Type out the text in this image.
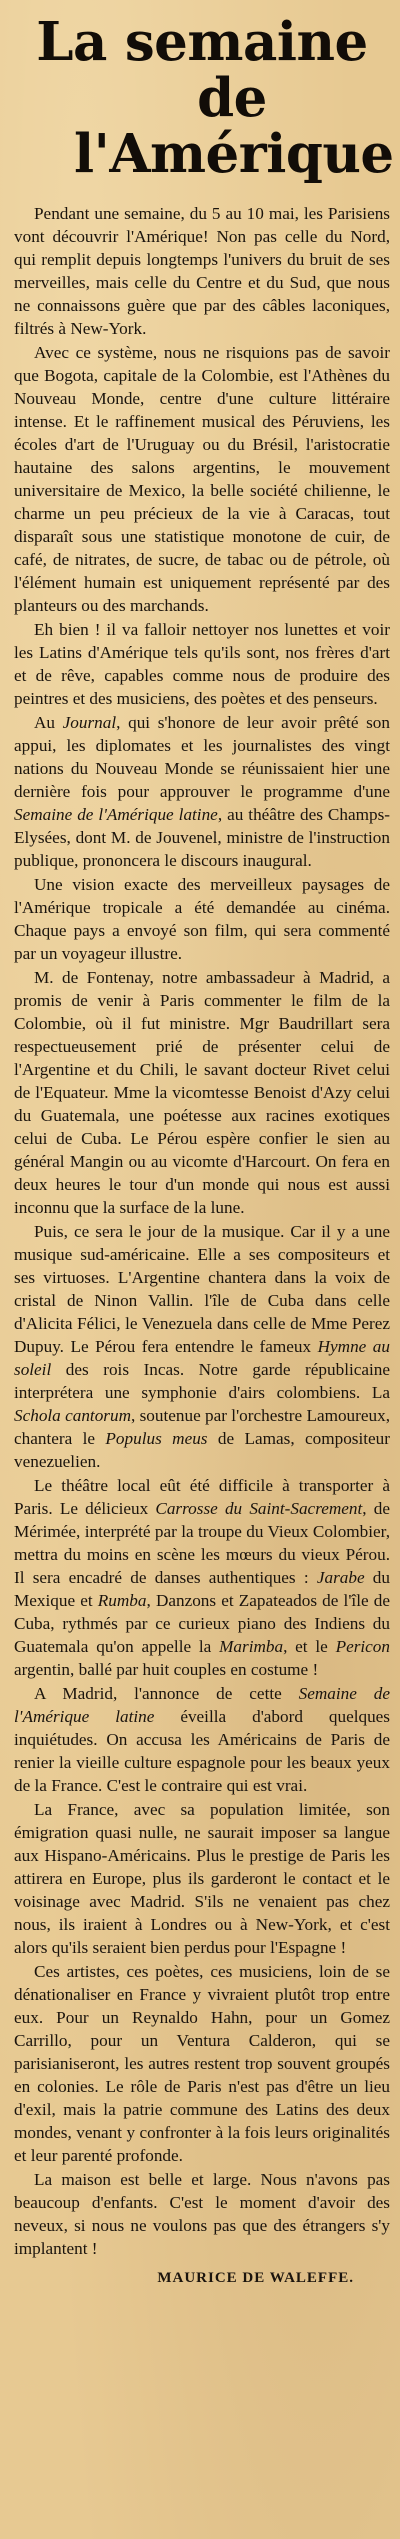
La semaine

de l'Amérique

Pendant une semaine, du 5 au 10 mai, les Parisiens vont découvrir l'Amérique! Non pas celle du Nord, qui remplit depuis longtemps l'univers du bruit de ses merveilles, mais celle du Centre et du Sud, que nous ne connaissons guère que par des câbles laconiques, filtrés à New-York.

Avec ce système, nous ne risquions pas de savoir que Bogota, capitale de la Colombie, est l'Athènes du Nouveau Monde, centre d'une culture littéraire intense. Et le raffinement musical des Péruviens, les écoles d'art de l'Uruguay ou du Brésil, l'aristocratie hautaine des salons argentins, le mouvement universitaire de Mexico, la belle société chilienne, le charme un peu précieux de la vie à Caracas, tout disparaît sous une statistique monotone de cuir, de café, de nitrates, de sucre, de tabac ou de pétrole, où l'élément humain est uniquement représenté par des planteurs ou des marchands.

Eh bien ! il va falloir nettoyer nos lunettes et voir les Latins d'Amérique tels qu'ils sont, nos frères d'art et de rêve, capables comme nous de produire des peintres et des musiciens, des poètes et des penseurs.

Au Journal, qui s'honore de leur avoir prêté son appui, les diplomates et les journalistes des vingt nations du Nouveau Monde se réunissaient hier une dernière fois pour approuver le programme d'une Semaine de l'Amérique latine, au théâtre des Champs-Elysées, dont M. de Jouvenel, ministre de l'instruction publique, prononcera le discours inaugural.

Une vision exacte des merveilleux paysages de l'Amérique tropicale a été demandée au cinéma. Chaque pays a envoyé son film, qui sera commenté par un voyageur illustre.

M. de Fontenay, notre ambassadeur à Madrid, a promis de venir à Paris commenter le film de la Colombie, où il fut ministre. Mgr Baudrillart sera respectueusement prié de présenter celui de l'Argentine et du Chili, le savant docteur Rivet celui de l'Equateur. Mme la vicomtesse Benoist d'Azy celui du Guatemala, une poétesse aux racines exotiques celui de Cuba. Le Pérou espère confier le sien au général Mangin ou au vicomte d'Harcourt. On fera en deux heures le tour d'un monde qui nous est aussi inconnu que la surface de la lune.

Puis, ce sera le jour de la musique. Car il y a une musique sud-américaine. Elle a ses compositeurs et ses virtuoses. L'Argentine chantera dans la voix de cristal de Ninon Vallin. l'île de Cuba dans celle d'Alicita Félici, le Venezuela dans celle de Mme Perez Dupuy. Le Pérou fera entendre le fameux Hymne au soleil des rois Incas. Notre garde républicaine interprétera une symphonie d'airs colombiens. La Schola cantorum, soutenue par l'orchestre Lamoureux, chantera le Populus meus de Lamas, compositeur venezuelien.

Le théâtre local eût été difficile à transporter à Paris. Le délicieux Carrosse du Saint-Sacrement, de Mérimée, interprété par la troupe du Vieux Colombier, mettra du moins en scène les mœurs du vieux Pérou. Il sera encadré de danses authentiques : Jarabe du Mexique et Rumba, Danzons et Zapateados de l'île de Cuba, rythmés par ce curieux piano des Indiens du Guatemala qu'on appelle la Marimba, et le Pericon argentin, ballé par huit couples en costume !

A Madrid, l'annonce de cette Semaine de l'Amérique latine éveilla d'abord quelques inquiétudes. On accusa les Américains de Paris de renier la vieille culture espagnole pour les beaux yeux de la France. C'est le contraire qui est vrai.

La France, avec sa population limitée, son émigration quasi nulle, ne saurait imposer sa langue aux Hispano-Américains. Plus le prestige de Paris les attirera en Europe, plus ils garderont le contact et le voisinage avec Madrid. S'ils ne venaient pas chez nous, ils iraient à Londres ou à New-York, et c'est alors qu'ils seraient bien perdus pour l'Espagne !

Ces artistes, ces poètes, ces musiciens, loin de se dénationaliser en France y vivraient plutôt trop entre eux. Pour un Reynaldo Hahn, pour un Gomez Carrillo, pour un Ventura Calderon, qui se parisianiseront, les autres restent trop souvent groupés en colonies. Le rôle de Paris n'est pas d'être un lieu d'exil, mais la patrie commune des Latins des deux mondes, venant y confronter à la fois leurs originalités et leur parenté profonde.

La maison est belle et large. Nous n'avons pas beaucoup d'enfants. C'est le moment d'avoir des neveux, si nous ne voulons pas que des étrangers s'y implantent !

MAURICE DE WALEFFE.
